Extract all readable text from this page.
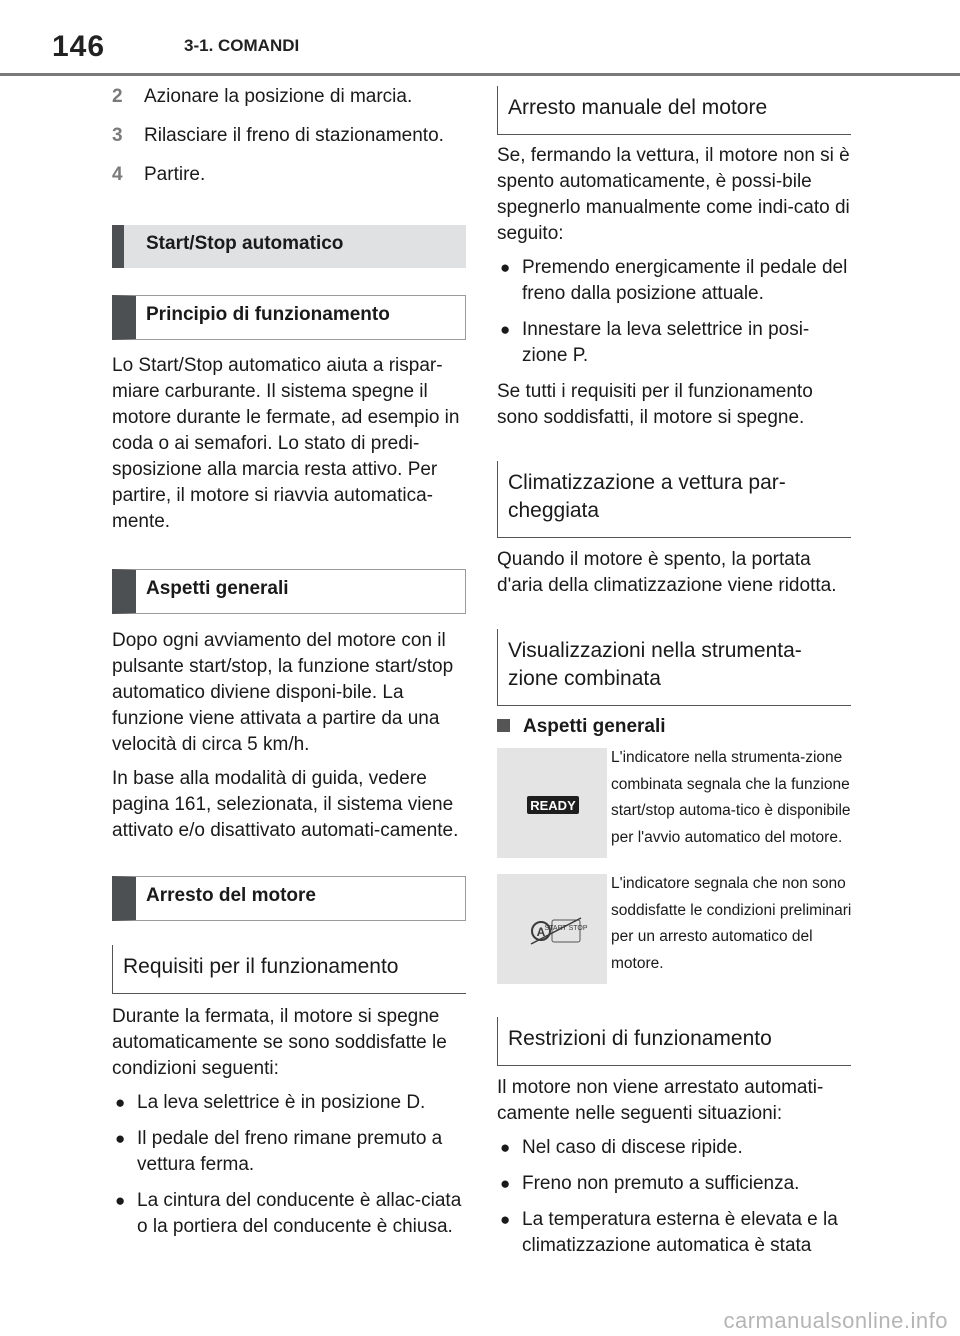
146	3-1. COMANDI
2	Azionare la posizione di marcia.
3	Rilasciare il freno di stazionamento.
4	Partire.
Start/Stop automatico
Principio di funzionamento

Lo Start/Stop automatico aiuta a rispar-miare carburante. Il sistema spegne il motore durante le fermate, ad esempio in coda o ai semafori. Lo stato di predi-sposizione alla marcia resta attivo. Per partire, il motore si riavvia automatica-mente.

Aspetti generali

Dopo ogni avviamento del motore con il pulsante start/stop, la funzione start/stop automatico diviene disponi-bile. La funzione viene attivata a partire da una velocità di circa 5 km/h.

In base alla modalità di guida, vedere pagina 161, selezionata, il sistema viene attivato e/o disattivato automati-camente.

Arresto del motore
Requisiti per il funzionamento

Durante la fermata, il motore si spegne automaticamente se sono soddisfatte le condizioni seguenti:

● La leva selettrice è in posizione D.
● Il pedale del freno rimane premuto a vettura ferma.
● La cintura del conducente è allac-ciata o la portiera del conducente è chiusa.
Arresto manuale del motore

Se, fermando la vettura, il motore non si è spento automaticamente, è possi-bile spegnerlo manualmente come indi-cato di seguito:

● Premendo energicamente il pedale del freno dalla posizione attuale.
● Innestare la leva selettrice in posi-zione P.

Se tutti i requisiti per il funzionamento sono soddisfatti, il motore si spegne.

Climatizzazione a vettura par-cheggiata

Quando il motore è spento, la portata d'aria della climatizzazione viene ridotta.

Visualizzazioni nella strumenta-zione combinata
Aspetti generali
READY
L'indicatore nella strumenta-zione combinata segnala che la funzione start/stop automa-tico è disponibile per l'avvio automatico del motore.
A START STOP
L'indicatore segnala che non sono soddisfatte le condizioni preliminari per un arresto automatico del motore.
Restrizioni di funzionamento

Il motore non viene arrestato automati-camente nelle seguenti situazioni:

● Nel caso di discese ripide.
● Freno non premuto a sufficienza.
● La temperatura esterna è elevata e la climatizzazione automatica è stata
carmanualsonline.info
